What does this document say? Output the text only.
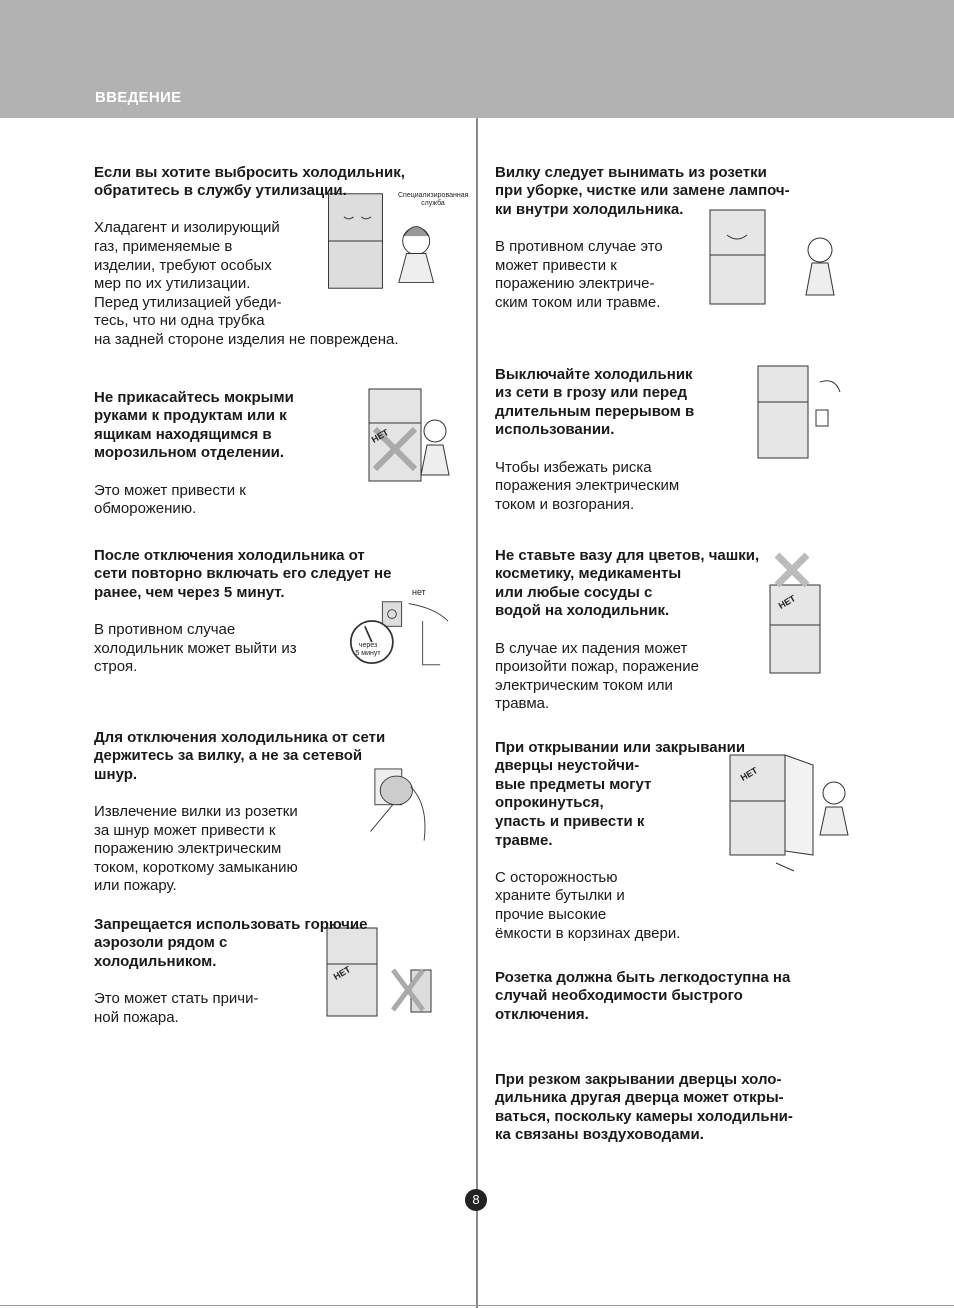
ВВЕДЕНИЕ

Если вы хотите выбросить холодильник,
обратитесь в службу утилизации.

Хладагент и изолирующий
газ, применяемые в
изделии, требуют особых
мер по их утилизации.
Перед утилизацией убеди-
тесь, что ни одна трубка
на задней стороне изделия не повреждена.

Специализированная
служба

Не прикасайтесь мокрыми
руками к продуктам или к
ящикам находящимся в
морозильном отделении.

Это может привести к
обморожению.

НЕТ

После отключения холодильника от
сети повторно включать его следует не
ранее, чем через 5 минут.

В противном случае
холодильник может выйти из
строя.

нет
через
5 минут

Для отключения холодильника от сети
держитесь за вилку, а не за сетевой
шнур.

Извлечение вилки из розетки
за шнур может привести к
поражению электрическим
током, короткому замыканию
или пожару.

Запрещается использовать горючие
аэрозоли рядом с
холодильником.

Это может стать причи-
ной пожара.

НЕТ

Вилку следует вынимать из розетки
при уборке, чистке или замене лампоч-
ки внутри холодильника.

В противном случае это
может привести к
поражению электриче-
ским током или травме.

Выключайте холодильник
из сети в грозу или перед
длительным перерывом в
использовании.

Чтобы избежать риска
поражения электрическим
током и возгорания.

Не ставьте вазу для цветов, чашки,
косметику, медикаменты
или любые сосуды с
водой на холодильник.

В случае их падения может
произойти пожар, поражение
электрическим током или
травма.

НЕТ

При открывании или закрывании
дверцы неустойчи-
вые предметы могут
опрокинуться,
упасть и привести к
травме.

С осторожностью
храните бутылки и
прочие высокие
ёмкости в корзинах двери.

НЕТ

Розетка должна быть легкодоступна на
случай необходимости быстрого
отключения.

При резком закрывании дверцы холо-
дильника другая дверца может откры-
ваться, поскольку камеры холодильни-
ка связаны воздуховодами.

8
